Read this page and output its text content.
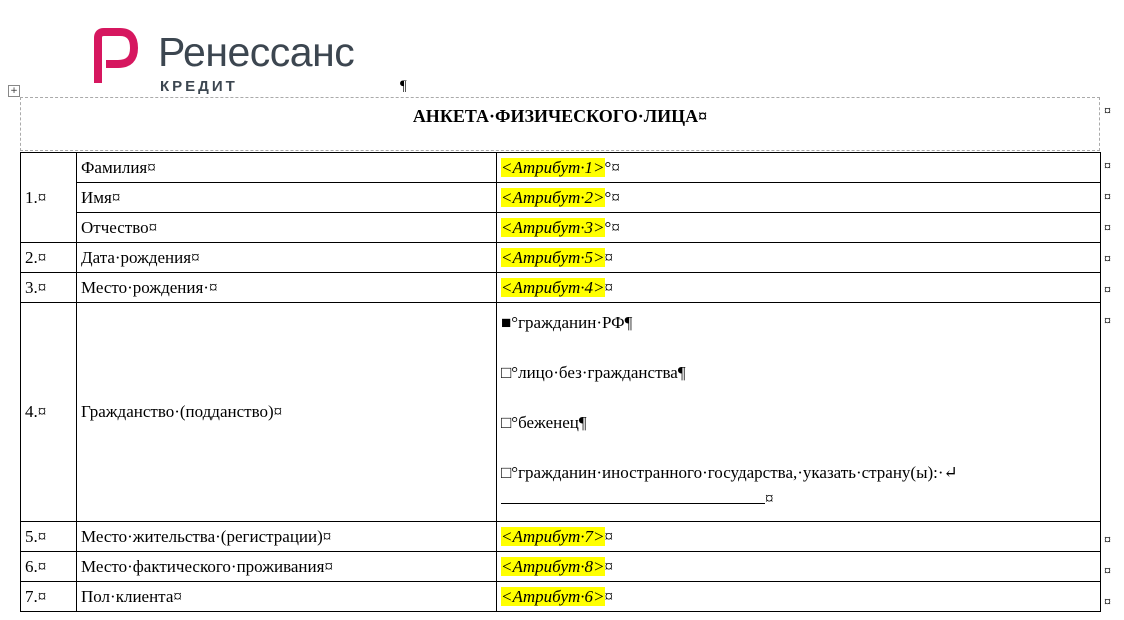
Ренессанс
КРЕДИТ	¶
+
АНКЕТА·ФИЗИЧЕСКОГО·ЛИЦА¤	¤
1.¤	Фамилия¤	<Атрибут·1>°¤
	Имя¤	<Атрибут·2>°¤
	Отчество¤	<Атрибут·3>°¤
2.¤	Дата·рождения¤	<Атрибут·5>¤
3.¤	Место·рождения·¤	<Атрибут·4>¤
4.¤	Гражданство·(подданство)¤	■°гражданин·РФ¶

□°лицо·без·гражданства¶

□°беженец¶

□°гражданин·иностранного·государства,·указать·страну(ы):·↵

¤

5.¤	Место·жительства·(регистрации)¤	<Атрибут·7>¤
6.¤	Место·фактического·проживания¤	<Атрибут·8>¤
7.¤	Пол·клиента¤	<Атрибут·6>¤
¤
¤
¤
¤
¤
¤
¤
¤
¤
